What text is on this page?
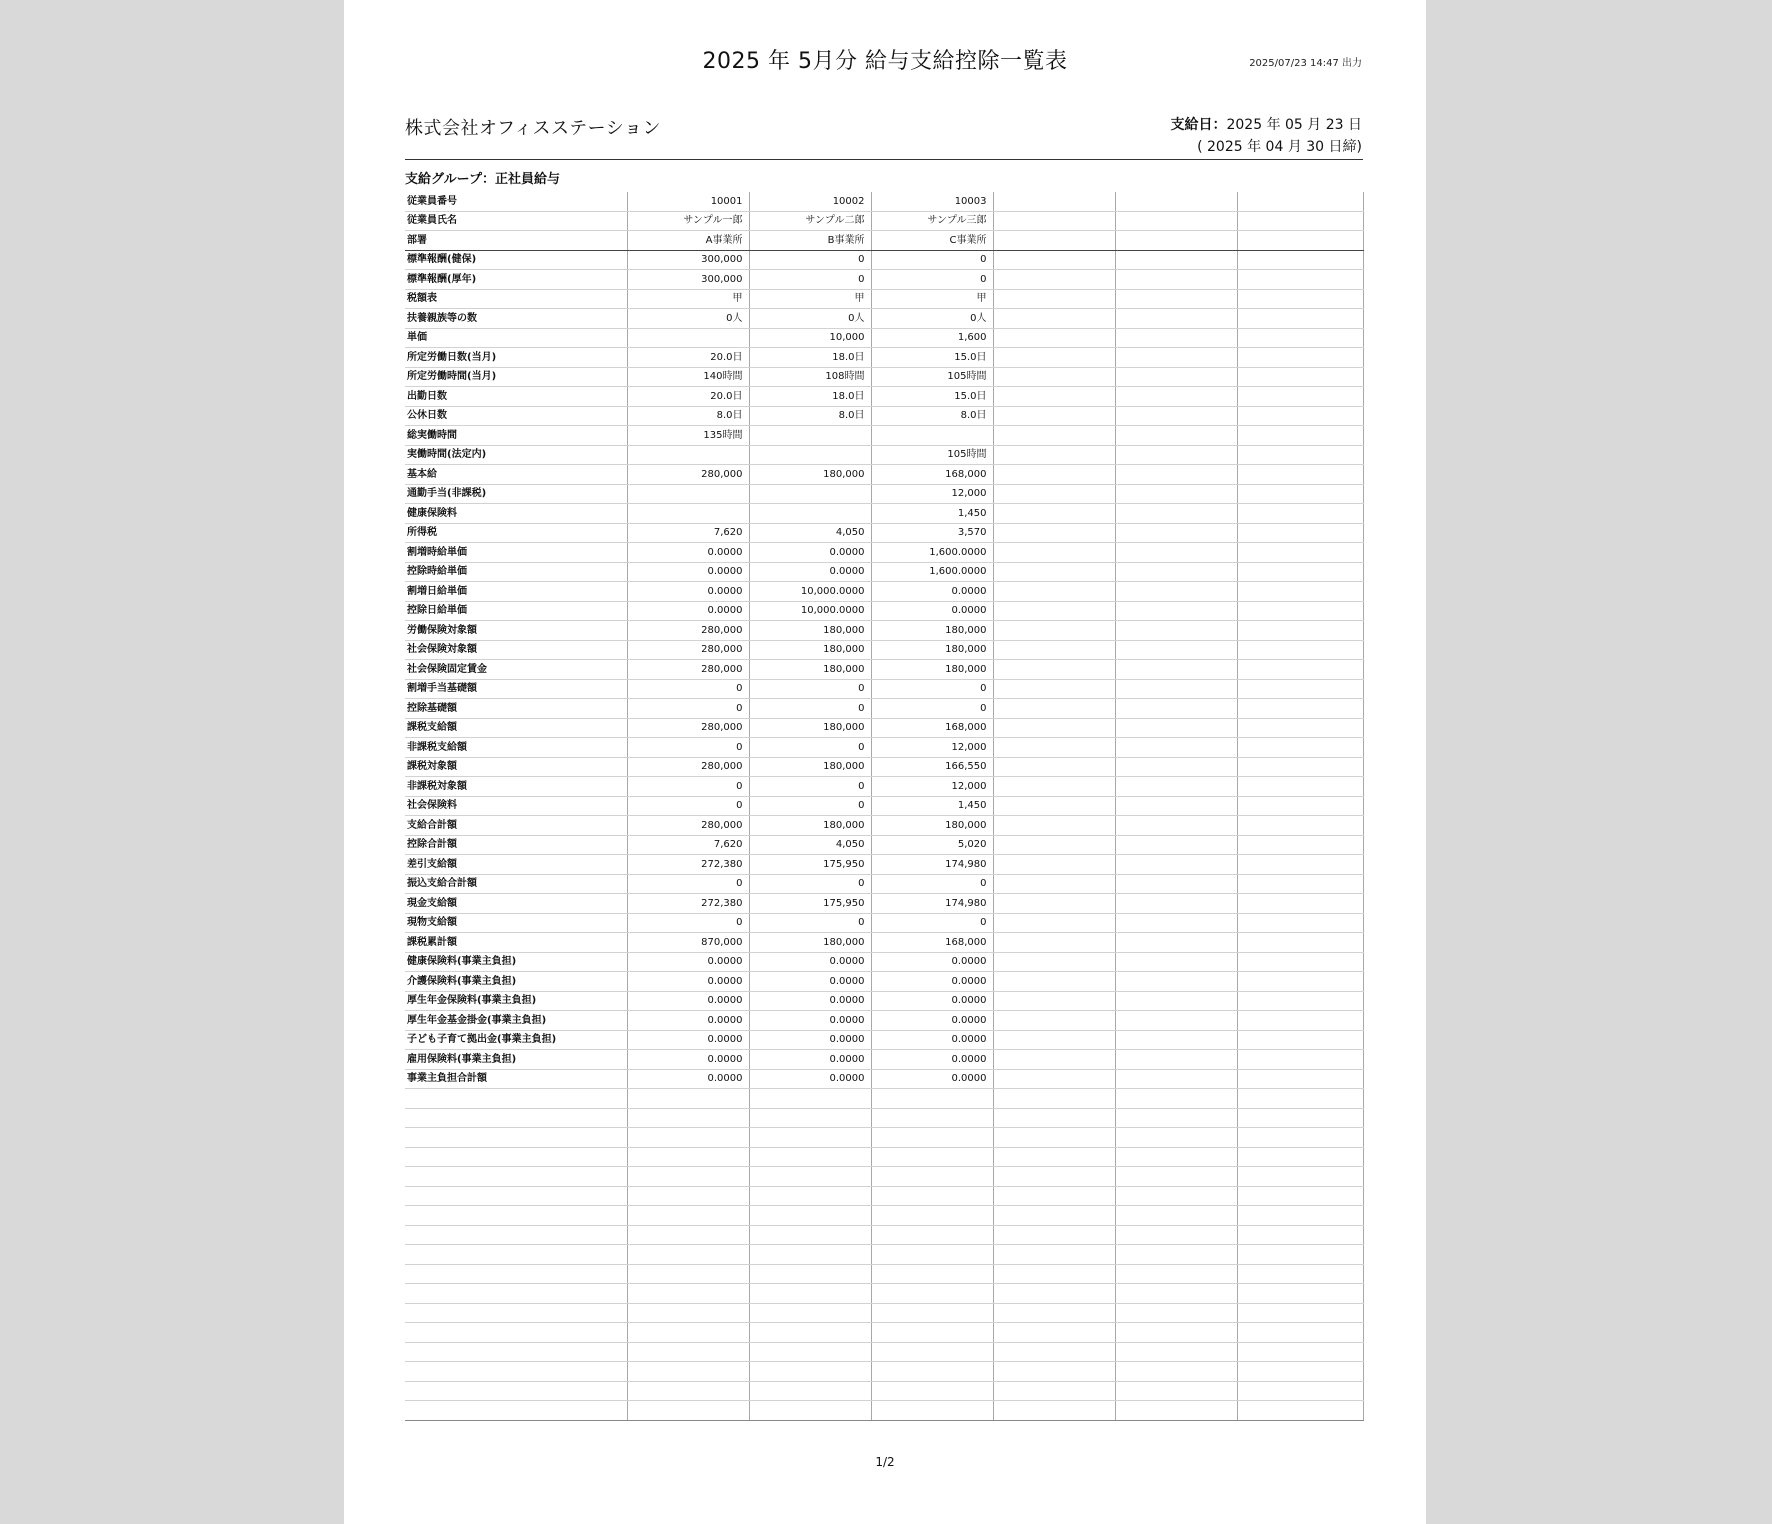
2025 年 5月分 給与支給控除一覧表	2025/07/23 14:47 出力
株式会社オフィスステーション	支給日：2025 年 05 月 23 日
( 2025 年 04 月 30 日締)
支給グループ：正社員給与
従業員番号	10001	10002	10003			
従業員氏名	サンプル一郎	サンプル二郎	サンプル三郎			
部署	A事業所	B事業所	C事業所			
標準報酬(健保)	300,000	0	0			
標準報酬(厚年)	300,000	0	0			
税額表	甲	甲	甲			
扶養親族等の数	0人	0人	0人			
単価		10,000	1,600			
所定労働日数(当月)	20.0日	18.0日	15.0日			
所定労働時間(当月)	140時間	108時間	105時間			
出勤日数	20.0日	18.0日	15.0日			
公休日数	8.0日	8.0日	8.0日			
総実働時間	135時間					
実働時間(法定内)			105時間			
基本給	280,000	180,000	168,000			
通勤手当(非課税)			12,000			
健康保険料			1,450			
所得税	7,620	4,050	3,570			
割増時給単価	0.0000	0.0000	1,600.0000			
控除時給単価	0.0000	0.0000	1,600.0000			
割増日給単価	0.0000	10,000.0000	0.0000			
控除日給単価	0.0000	10,000.0000	0.0000			
労働保険対象額	280,000	180,000	180,000			
社会保険対象額	280,000	180,000	180,000			
社会保険固定賃金	280,000	180,000	180,000			
割増手当基礎額	0	0	0			
控除基礎額	0	0	0			
課税支給額	280,000	180,000	168,000			
非課税支給額	0	0	12,000			
課税対象額	280,000	180,000	166,550			
非課税対象額	0	0	12,000			
社会保険料	0	0	1,450			
支給合計額	280,000	180,000	180,000			
控除合計額	7,620	4,050	5,020			
差引支給額	272,380	175,950	174,980			
振込支給合計額	0	0	0			
現金支給額	272,380	175,950	174,980			
現物支給額	0	0	0			
課税累計額	870,000	180,000	168,000			
健康保険料(事業主負担)	0.0000	0.0000	0.0000			
介護保険料(事業主負担)	0.0000	0.0000	0.0000			
厚生年金保険料(事業主負担)	0.0000	0.0000	0.0000			
厚生年金基金掛金(事業主負担)	0.0000	0.0000	0.0000			
子ども子育て拠出金(事業主負担)	0.0000	0.0000	0.0000			
雇用保険料(事業主負担)	0.0000	0.0000	0.0000			
事業主負担合計額	0.0000	0.0000	0.0000			

1/2
